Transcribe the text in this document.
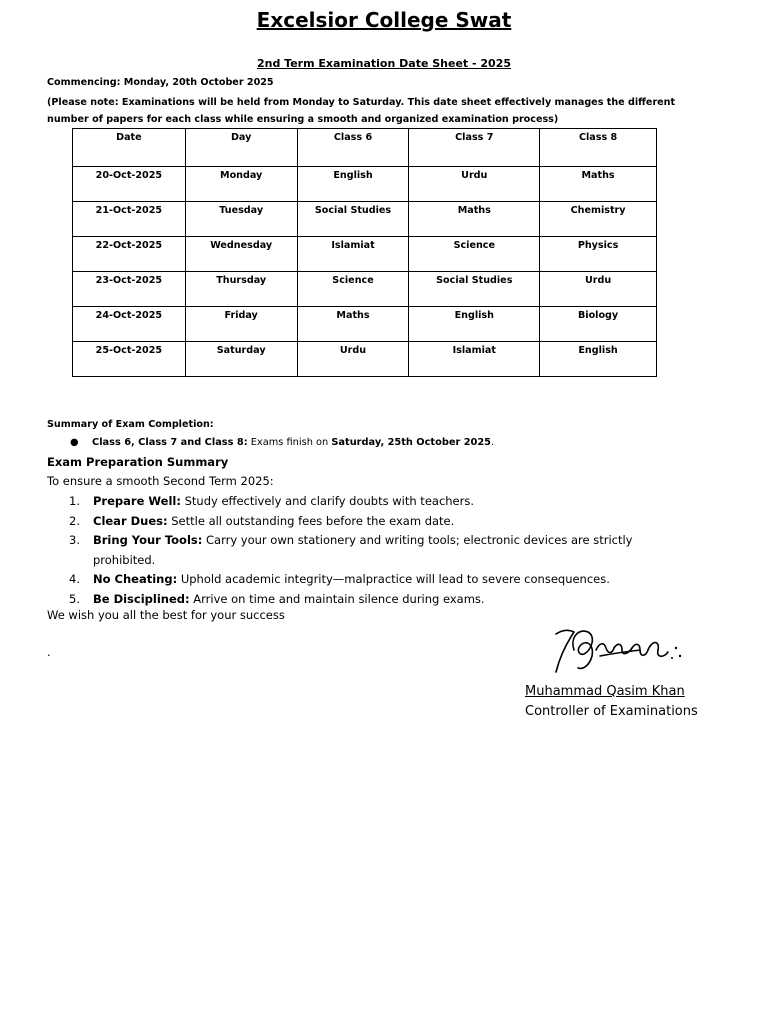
Excelsior College Swat
2nd Term Examination Date Sheet - 2025
Commencing: Monday, 20th October 2025
(Please note: Examinations will be held from Monday to Saturday. This date sheet effectively manages the different
number of papers for each class while ensuring a smooth and organized examination process)
Date	Day	Class 6	Class 7	Class 8
20-Oct-2025	Monday	English	Urdu	Maths
21-Oct-2025	Tuesday	Social Studies	Maths	Chemistry
22-Oct-2025	Wednesday	Islamiat	Science	Physics
23-Oct-2025	Thursday	Science	Social Studies	Urdu
24-Oct-2025	Friday	Maths	English	Biology
25-Oct-2025	Saturday	Urdu	Islamiat	English
Summary of Exam Completion:
● Class 6, Class 7 and Class 8: Exams finish on Saturday, 25th October 2025.
Exam Preparation Summary
To ensure a smooth Second Term 2025:
1. Prepare Well: Study effectively and clarify doubts with teachers.
2. Clear Dues: Settle all outstanding fees before the exam date.
3. Bring Your Tools: Carry your own stationery and writing tools; electronic devices are strictly prohibited.
4. No Cheating: Uphold academic integrity—malpractice will lead to severe consequences.
5. Be Disciplined: Arrive on time and maintain silence during exams.
We wish you all the best for your success
.
Muhammad Qasim Khan
Controller of Examinations
